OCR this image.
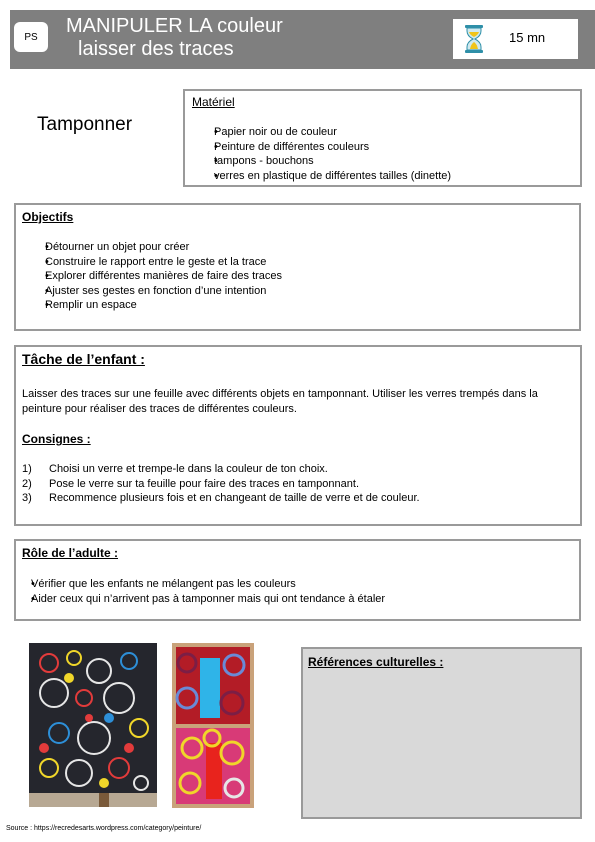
PS	MANIPULER LA couleur
laisser des traces
15 mn
Tamponner
Matériel
• Papier noir ou de couleur
• Peinture de différentes couleurs
• tampons - bouchons
• verres en plastique de différentes tailles (dinette)
Objectifs
• Détourner un objet pour créer
• Construire le rapport entre le geste et la trace
• Explorer différentes manières de faire des traces
• Ajuster ses gestes en fonction d’une intention
• Remplir un espace
Tâche de l’enfant :
Laisser des traces sur une feuille avec différents objets en tamponnant. Utiliser les verres trempés dans la peinture pour réaliser des traces de différentes couleurs.
Consignes :
1)	Choisi un verre et trempe-le dans la couleur de ton choix.
2)	Pose le verre sur ta feuille pour faire des traces en tamponnant.
3)	Recommence plusieurs fois et en changeant de taille de verre et de couleur.
Rôle de l’adulte :
• Vérifier que les enfants ne mélangent pas les couleurs
• Aider ceux qui n’arrivent pas à tamponner mais qui ont tendance à étaler
Références culturelles :
Source : https://recredesarts.wordpress.com/category/peinture/
